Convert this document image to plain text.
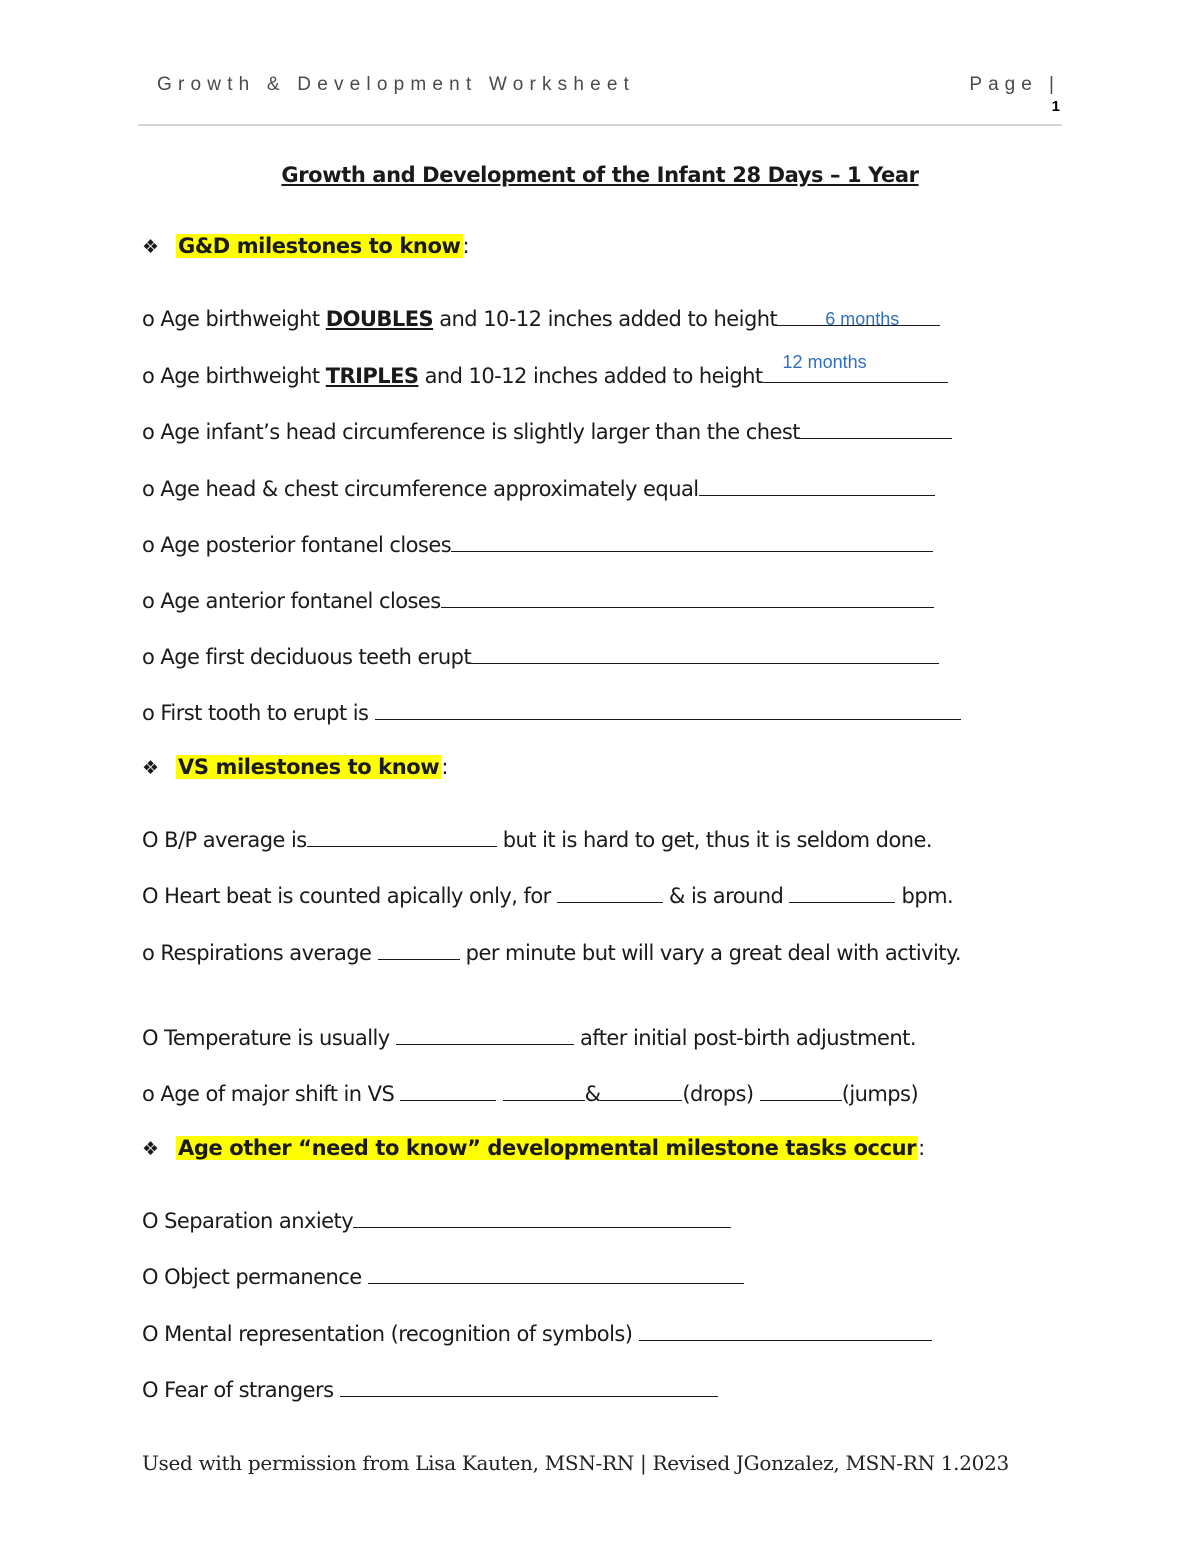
Growth & Development Worksheet	Page |
1
Growth and Development of the Infant 28 Days – 1 Year
❖ G&D milestones to know:
o Age birthweight DOUBLES and 10-12 inches added to height	6 months
o Age birthweight TRIPLES and 10-12 inches added to height
12 months
o Age infant’s head circumference is slightly larger than the chest
o Age head & chest circumference approximately equal
o Age posterior fontanel closes
o Age anterior fontanel closes
o Age first deciduous teeth erupt
o First tooth to erupt is
❖ VS milestones to know:
O B/P average is	but it is hard to get, thus it is seldom done.
O Heart beat is counted apically only, for	& is around	bpm.
o Respirations average	per minute but will vary a great deal with activity.
O Temperature is usually	after initial post-birth adjustment.
o Age of major shift in VS	&	(drops)	(jumps)
❖ Age other “need to know” developmental milestone tasks occur:
O Separation anxiety
O Object permanence
O Mental representation (recognition of symbols)
O Fear of strangers
Used with permission from Lisa Kauten, MSN-RN | Revised JGonzalez, MSN-RN 1.2023
